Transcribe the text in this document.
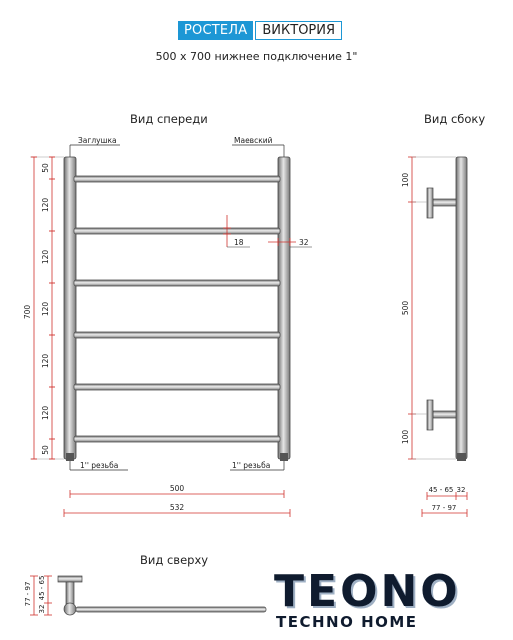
РОСТЕЛА	ВИКТОРИЯ
500 х 700 нижнее подключение 1"
Вид спереди	Вид сбоку
Вид сверху
Заглушка	Маевский
1'' резьба	1'' резьба
700
50
120
120
120
120
120
50
18	32
500
532
100
500
100
45 - 65 32
77 - 97
77 - 97
32
45 - 65	TEONO
TECHNO HOME
